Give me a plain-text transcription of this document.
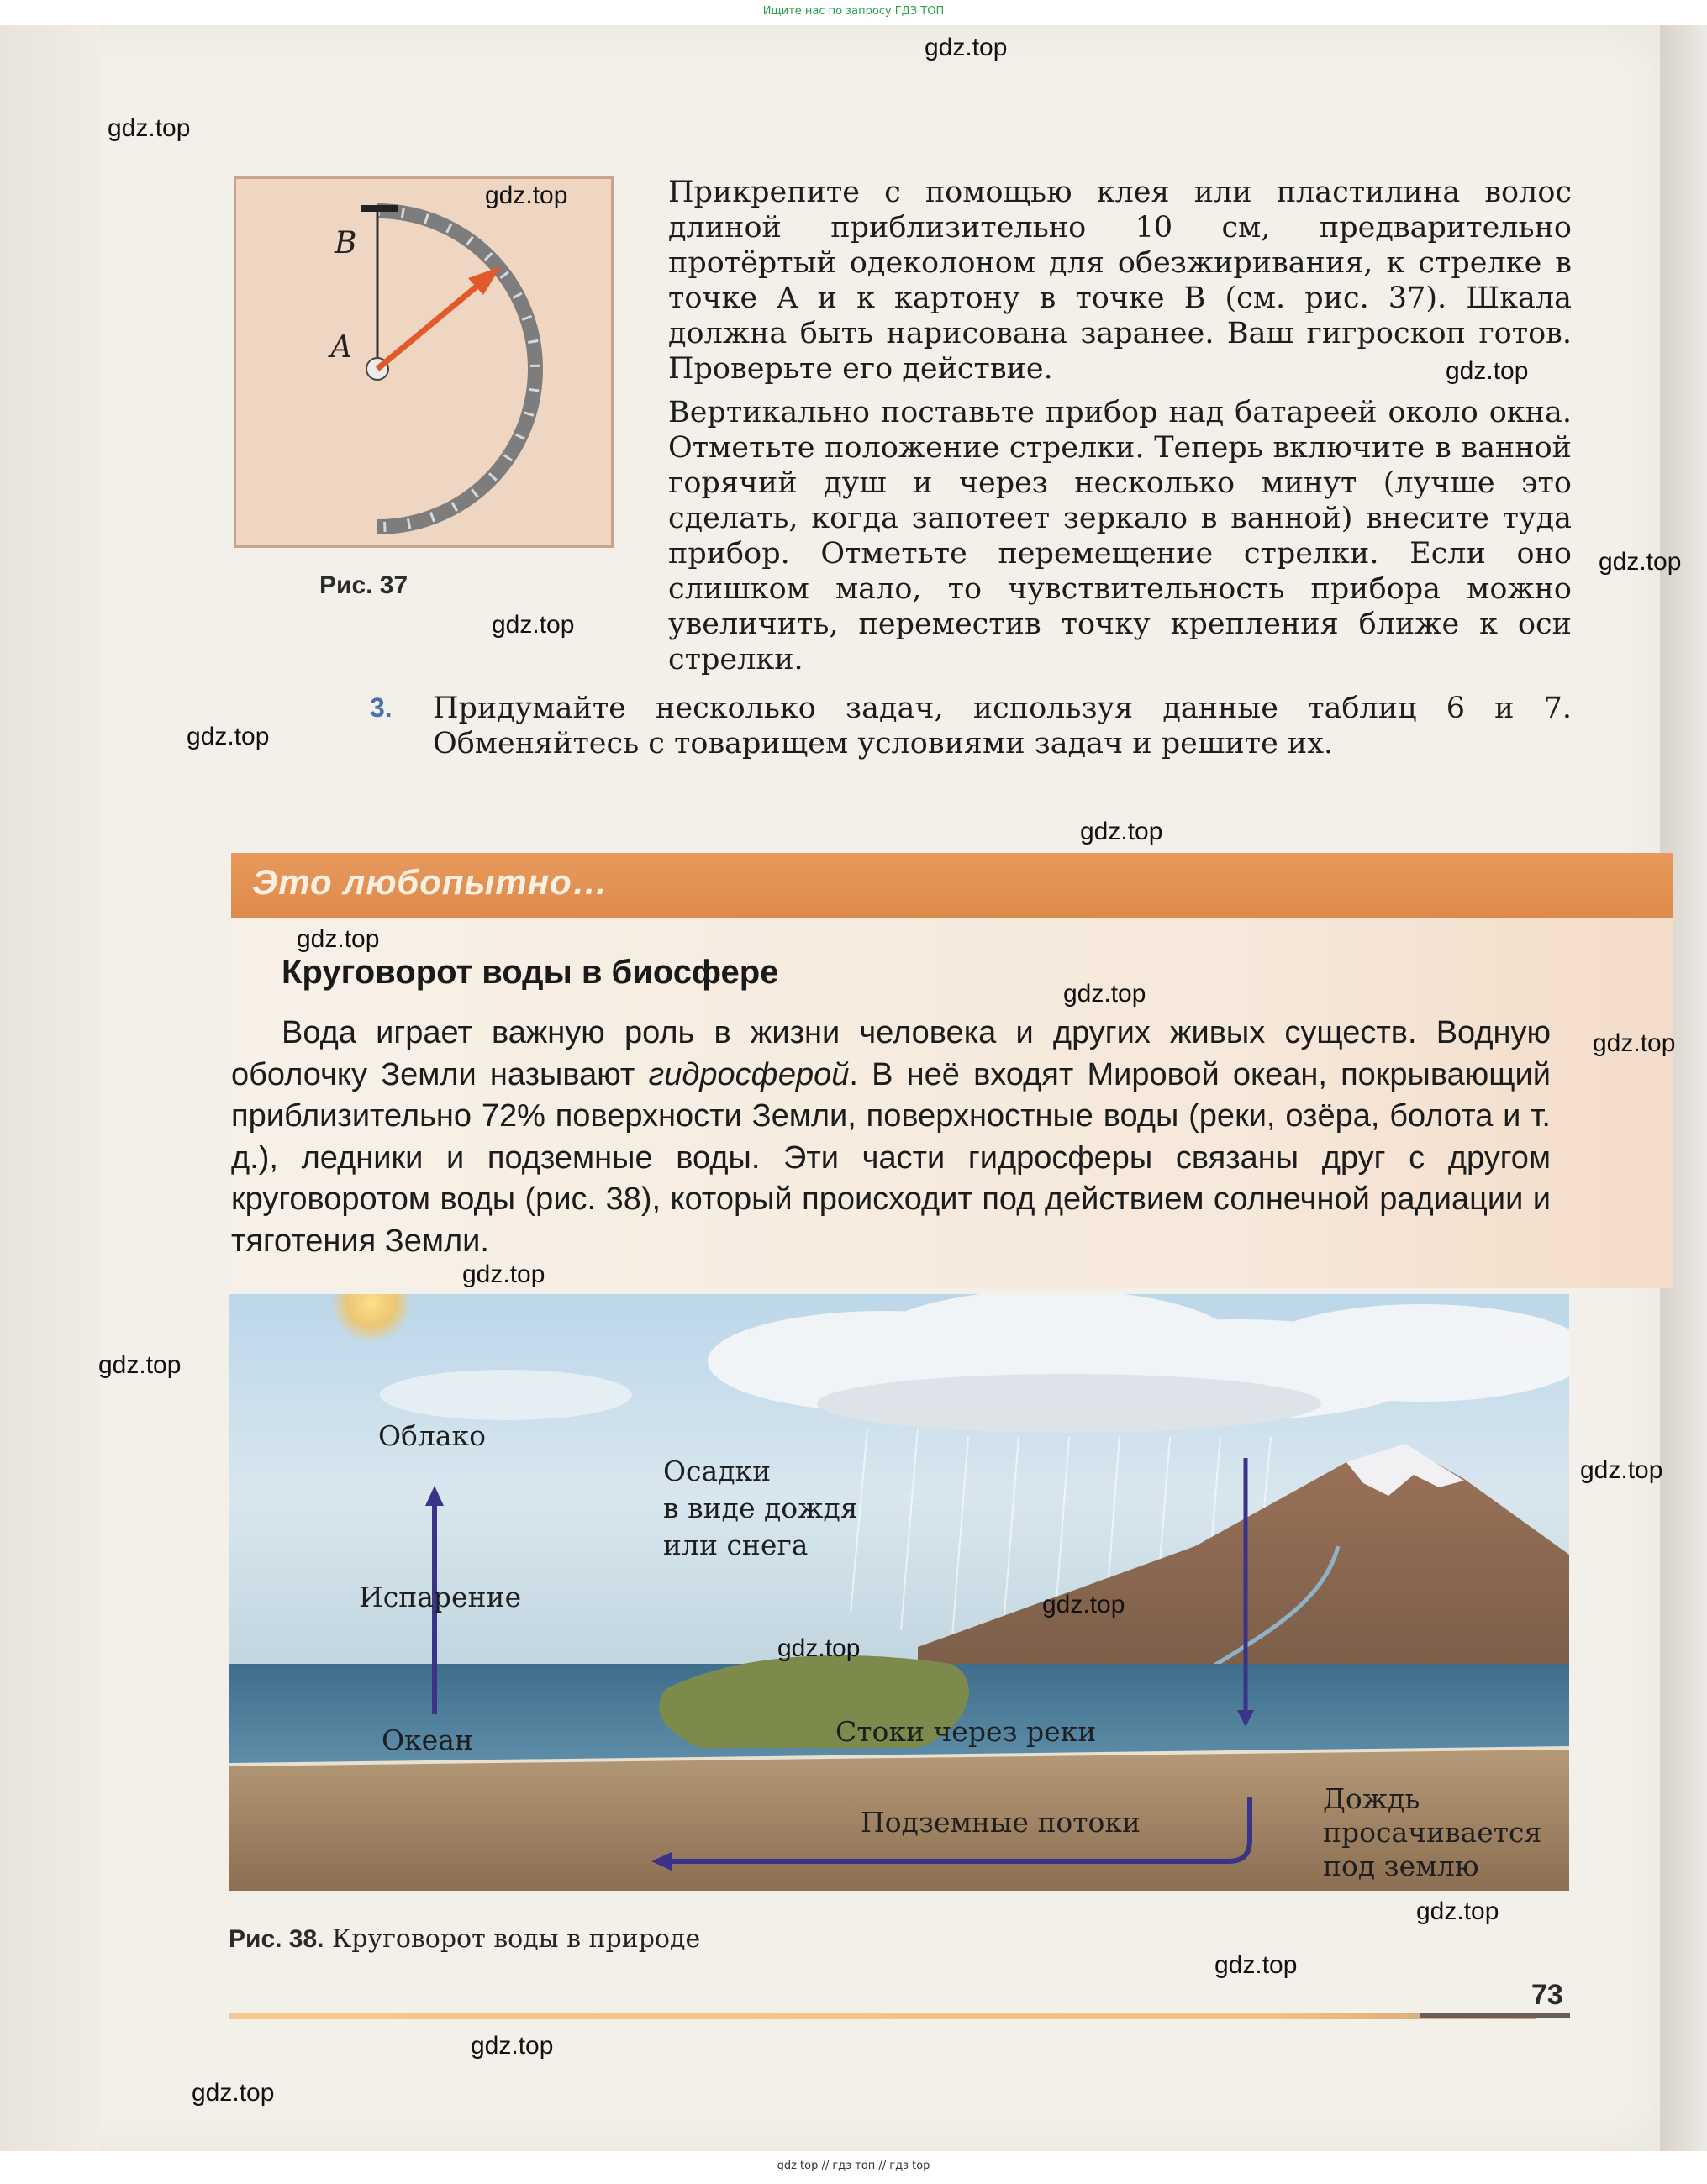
Ищите нас по запросу ГДЗ ТОП
B
A
Рис. 37

Прикрепите с помощью клея или пластилина волос длиной приблизительно 10 см, предварительно протёртый одеколоном для обезжиривания, к стрелке в точке A и к картону в точке B (см. рис. 37). Шкала должна быть нарисована заранее. Ваш гигроскоп готов. Проверьте его действие.

Вертикально поставьте прибор над батареей около окна. Отметьте положение стрелки. Теперь включите в ванной горячий душ и через несколько минут (лучше это сделать, когда запотеет зеркало в ванной) внесите туда прибор. Отметьте перемещение стрелки. Если оно слишком мало, то чувствительность прибора можно увеличить, переместив точку крепления ближе к оси стрелки.

3. Придумайте несколько задач, используя данные таблиц 6 и 7. Обменяйтесь с товарищем условиями задач и решите их.
Это любопытно…
Круговорот воды в биосфере

Вода играет важную роль в жизни человека и других живых существ. Водную оболочку Земли называют гидросферой. В неё входят Мировой океан, покрывающий приблизительно 72% поверхности Земли, поверхностные воды (реки, озёра, болота и т. д.), ледники и подземные воды. Эти части гидросферы связаны друг с другом круговоротом воды (рис. 38), который происходит под действием солнечной радиации и тяготения Земли.

Облако
Испарение
Океан
Осадки
в виде дождя
или снега
Стоки через реки
Подземные потоки
Дождь
просачивается
под землю
Рис. 38. Круговорот воды в природе
73
gdz.top
gdz.top
gdz.top
gdz.top
gdz.top
gdz.top
gdz.top
gdz.top
gdz.top
gdz.top
gdz.top
gdz.top
gdz.top
gdz.top
gdz.top
gdz.top
gdz.top
gdz.top
gdz.top
gdz.top
gdz top // гдз топ // гдз top
